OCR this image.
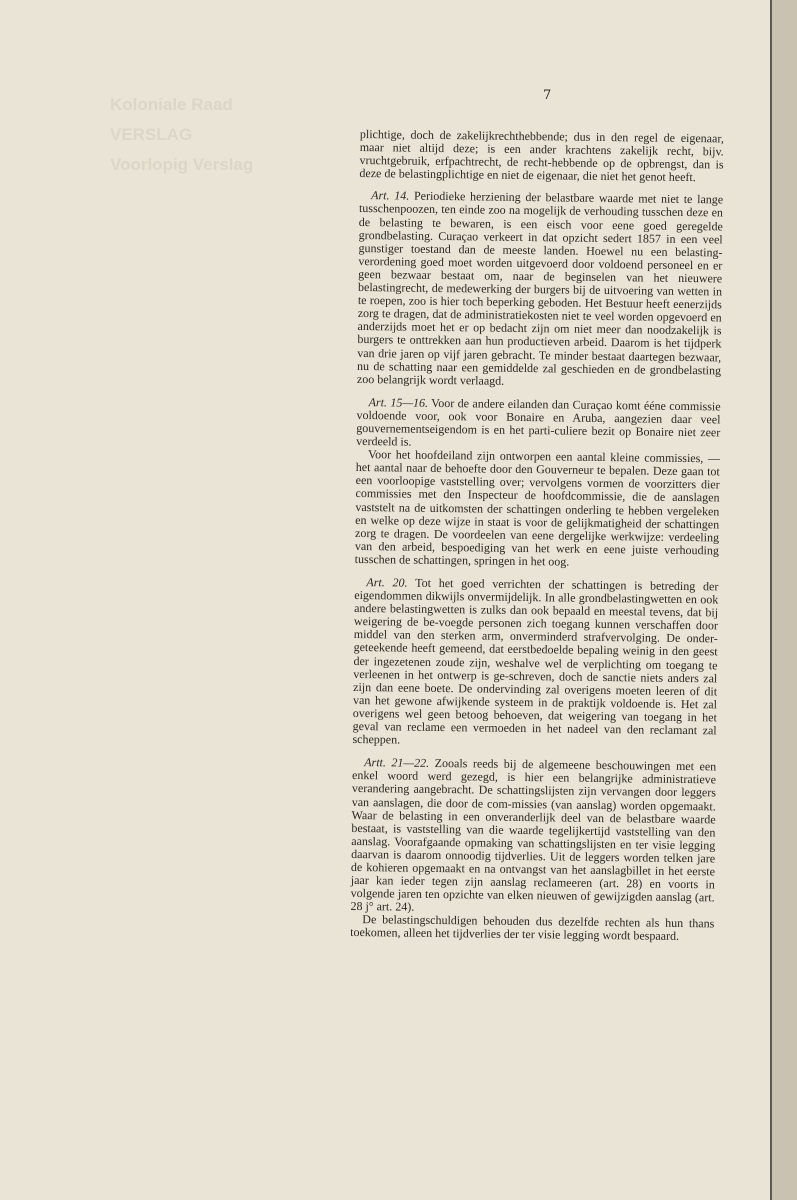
Koloniale Raad
VERSLAG
Voorlopig Verslag
7

plichtige, doch de zakelijkrechthebbende; dus in den regel de eigenaar, maar niet altijd deze; is een ander krachtens zakelijk recht, bijv. vruchtgebruik, erfpachtrecht, de recht-hebbende op de opbrengst, dan is deze de belastingplichtige en niet de eigenaar, die niet het genot heeft.

Art. 14. Periodieke herziening der belastbare waarde met niet te lange tusschenpoozen, ten einde zoo na mogelijk de verhouding tusschen deze en de belasting te bewaren, is een eisch voor eene goed geregelde grondbelasting. Curaçao verkeert in dat opzicht sedert 1857 in een veel gunstiger toestand dan de meeste landen. Hoewel nu een belasting-verordening goed moet worden uitgevoerd door voldoend personeel en er geen bezwaar bestaat om, naar de beginselen van het nieuwere belastingrecht, de medewerking der burgers bij de uitvoering van wetten in te roepen, zoo is hier toch beperking geboden. Het Bestuur heeft eenerzijds zorg te dragen, dat de administratiekosten niet te veel worden opgevoerd en anderzijds moet het er op bedacht zijn om niet meer dan noodzakelijk is burgers te onttrekken aan hun productieven arbeid. Daarom is het tijdperk van drie jaren op vijf jaren gebracht. Te minder bestaat daartegen bezwaar, nu de schatting naar een gemiddelde zal geschieden en de grondbelasting zoo belangrijk wordt verlaagd.

Art. 15—16. Voor de andere eilanden dan Curaçao komt ééne commissie voldoende voor, ook voor Bonaire en Aruba, aangezien daar veel gouvernementseigendom is en het parti-culiere bezit op Bonaire niet zeer verdeeld is.

Voor het hoofdeiland zijn ontworpen een aantal kleine commissies, — het aantal naar de behoefte door den Gouverneur te bepalen. Deze gaan tot een voorloopige vaststelling over; vervolgens vormen de voorzitters dier commissies met den Inspecteur de hoofdcommissie, die de aanslagen vaststelt na de uitkomsten der schattingen onderling te hebben vergeleken en welke op deze wijze in staat is voor de gelijkmatigheid der schattingen zorg te dragen. De voordeelen van eene dergelijke werkwijze: verdeeling van den arbeid, bespoediging van het werk en eene juiste verhouding tusschen de schattingen, springen in het oog.

Art. 20. Tot het goed verrichten der schattingen is betreding der eigendommen dikwijls onvermijdelijk. In alle grondbelastingwetten en ook andere belastingwetten is zulks dan ook bepaald en meestal tevens, dat bij weigering de be-voegde personen zich toegang kunnen verschaffen door middel van den sterken arm, onverminderd strafvervolging. De onder-geteekende heeft gemeend, dat eerstbedoelde bepaling weinig in den geest der ingezetenen zoude zijn, weshalve wel de verplichting om toegang te verleenen in het ontwerp is ge-schreven, doch de sanctie niets anders zal zijn dan eene boete. De ondervinding zal overigens moeten leeren of dit van het gewone afwijkende systeem in de praktijk voldoende is. Het zal overigens wel geen betoog behoeven, dat weigering van toegang in het geval van reclame een vermoeden in het nadeel van den reclamant zal scheppen.

Artt. 21—22. Zooals reeds bij de algemeene beschouwingen met een enkel woord werd gezegd, is hier een belangrijke administratieve verandering aangebracht. De schattingslijsten zijn vervangen door leggers van aanslagen, die door de com-missies (van aanslag) worden opgemaakt. Waar de belasting in een onveranderlijk deel van de belastbare waarde bestaat, is vaststelling van die waarde tegelijkertijd vaststelling van den aanslag. Voorafgaande opmaking van schattingslijsten en ter visie legging daarvan is daarom onnoodig tijdverlies. Uit de leggers worden telken jare de kohieren opgemaakt en na ontvangst van het aanslagbillet in het eerste jaar kan ieder tegen zijn aanslag reclameeren (art. 28) en voorts in volgende jaren ten opzichte van elken nieuwen of gewijzigden aanslag (art. 28 j° art. 24).

De belastingschuldigen behouden dus dezelfde rechten als hun thans toekomen, alleen het tijdverlies der ter visie legging wordt bespaard.
